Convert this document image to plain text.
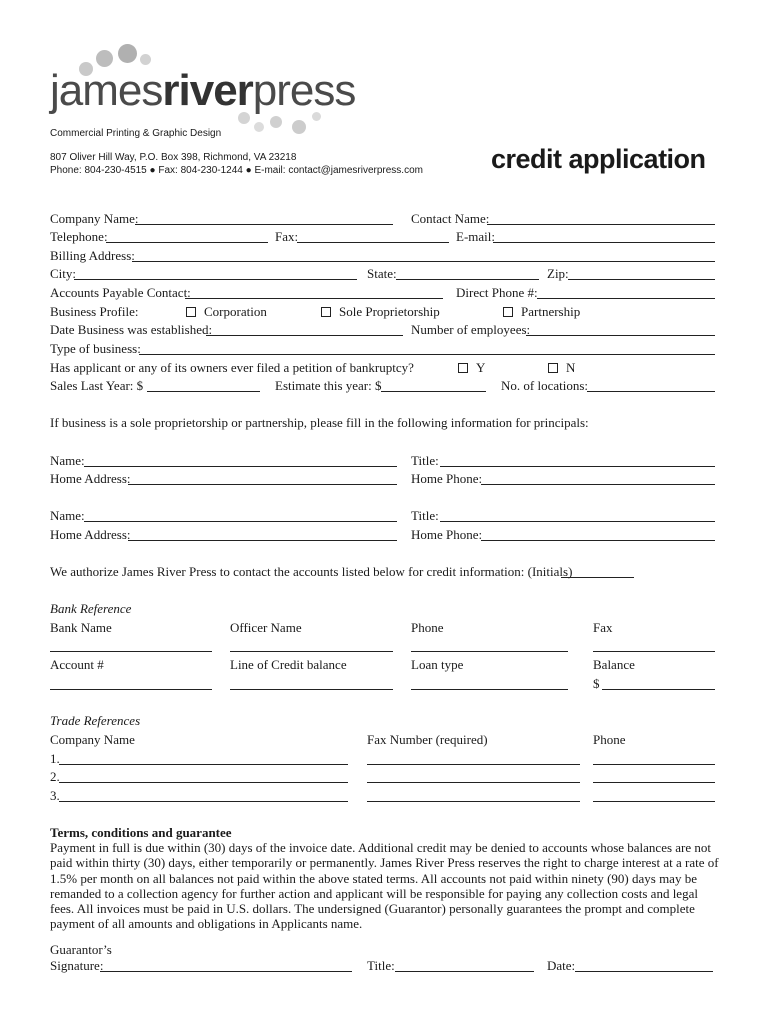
jamesriverpress
Commercial Printing & Graphic Design
807 Oliver Hill Way, P.O. Box 398, Richmond, VA 23218
Phone: 804-230-4515 ● Fax: 804-230-1244 ● E-mail: contact@jamesriverpress.com	credit application
Company Name:	Contact Name:
Telephone:	Fax:	E-mail:
Billing Address:
City:	State:	Zip:
Accounts Payable Contact:	Direct Phone #:
Business Profile:	Corporation	Sole Proprietorship	Partnership
Date Business was established:	Number of employees:
Type of business:
Has applicant or any of its owners ever filed a petition of bankruptcy?	Y	N
Sales Last Year: $	Estimate this year: $	No. of locations:
If business is a sole proprietorship or partnership, please fill in the following information for principals:
Name:	Title:
Home Address:	Home Phone:
Name:	Title:
Home Address:	Home Phone:
We authorize James River Press to contact the accounts listed below for credit information: (Initials)
Bank Reference
Bank Name	Officer Name	Phone	Fax
Account #	Line of Credit balance	Loan type	Balance
$
Trade References
Company Name	Fax Number (required)	Phone
1.
2.
3.
Terms, conditions and guarantee
Payment in full is due within (30) days of the invoice date. Additional credit may be denied to accounts whose balances are not paid within thirty (30) days, either temporarily or permanently. James River Press reserves the right to charge interest at a rate of 1.5% per month on all balances not paid within the above stated terms. All accounts not paid within ninety (90) days may be remanded to a collection agency for further action and applicant will be responsible for paying any collection costs and legal fees. All invoices must be paid in U.S. dollars. The undersigned (Guarantor) personally guarantees the prompt and complete payment of all amounts and obligations in Applicants name.
Guarantor’s
Signature:	Title:	Date:
